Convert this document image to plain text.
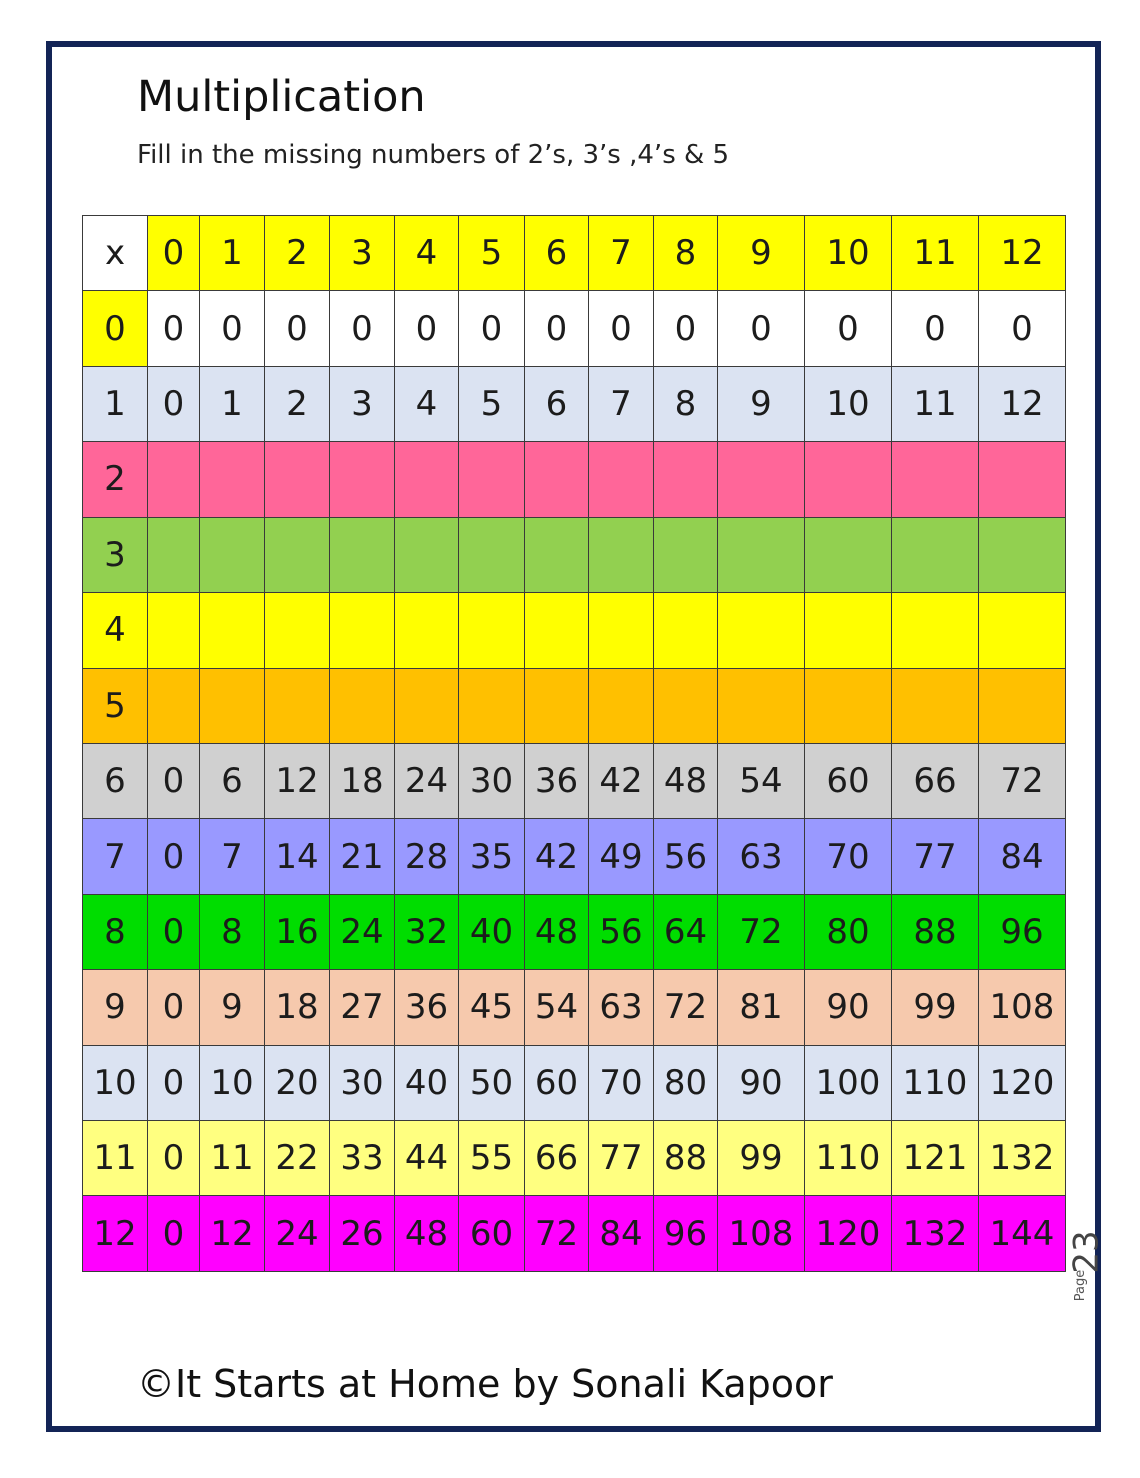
Multiplication
Fill in the missing numbers of 2’s, 3’s ,4’s & 5
x	0	1	2	3	4	5	6	7	8	9	10	11	12
0	0	0	0	0	0	0	0	0	0	0	0	0	0
1	0	1	2	3	4	5	6	7	8	9	10	11	12
2													
3													
4													
5													
6	0	6	12	18	24	30	36	42	48	54	60	66	72
7	0	7	14	21	28	35	42	49	56	63	70	77	84
8	0	8	16	24	32	40	48	56	64	72	80	88	96
9	0	9	18	27	36	45	54	63	72	81	90	99	108
10	0	10	20	30	40	50	60	70	80	90	100	110	120
11	0	11	22	33	44	55	66	77	88	99	110	121	132
12	0	12	24	26	48	60	72	84	96	108	120	132	144
Page
23
©It Starts at Home by Sonali Kapoor
